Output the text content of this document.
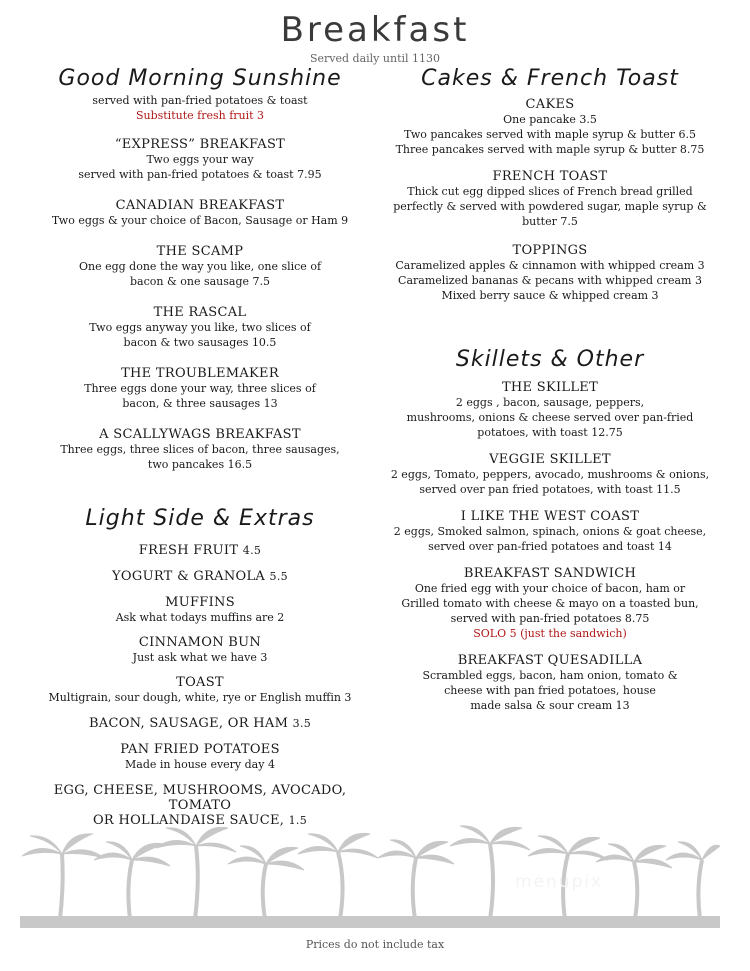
Breakfast
Served daily until 1130
Good Morning Sunshine
served with pan-fried potatoes & toast
Substitute fresh fruit 3
“EXPRESS” BREAKFAST
Two eggs your way
served with pan-fried potatoes & toast 7.95
CANADIAN BREAKFAST
Two eggs & your choice of Bacon, Sausage or Ham 9
THE SCAMP
One egg done the way you like, one slice of
bacon & one sausage 7.5
THE RASCAL
Two eggs anyway you like, two slices of
bacon & two sausages 10.5
THE TROUBLEMAKER
Three eggs done your way, three slices of
bacon, & three sausages 13
A SCALLYWAGS BREAKFAST
Three eggs, three slices of bacon, three sausages,
two pancakes 16.5
Light Side & Extras
FRESH FRUIT 4.5
YOGURT & GRANOLA 5.5
MUFFINS
Ask what todays muffins are 2
CINNAMON BUN
Just ask what we have 3
TOAST
Multigrain, sour dough, white, rye or English muffin 3
BACON, SAUSAGE, OR HAM 3.5
PAN FRIED POTATOES
Made in house every day 4
EGG, CHEESE, MUSHROOMS, AVOCADO, TOMATO
OR HOLLANDAISE SAUCE, 1.5
Cakes & French Toast
CAKES
One pancake 3.5
Two pancakes served with maple syrup & butter 6.5
Three pancakes served with maple syrup & butter 8.75
FRENCH TOAST
Thick cut egg dipped slices of French bread grilled
perfectly & served with powdered sugar, maple syrup & butter 7.5
TOPPINGS
Caramelized apples & cinnamon with whipped cream 3
Caramelized bananas & pecans with whipped cream 3
Mixed berry sauce & whipped cream 3
Skillets & Other
THE SKILLET
2 eggs , bacon, sausage, peppers,
mushrooms, onions & cheese served over pan-fried
potatoes, with toast 12.75
VEGGIE SKILLET
2 eggs, Tomato, peppers, avocado, mushrooms & onions,
served over pan fried potatoes, with toast 11.5
I LIKE THE WEST COAST
2 eggs, Smoked salmon, spinach, onions & goat cheese,
served over pan-fried potatoes and toast 14
BREAKFAST SANDWICH
One fried egg with your choice of bacon, ham or
Grilled tomato with cheese & mayo on a toasted bun,
served with pan-fried potatoes 8.75
SOLO 5 (just the sandwich)
BREAKFAST QUESADILLA
Scrambled eggs, bacon, ham onion, tomato &
cheese with pan fried potatoes, house
made salsa & sour cream 13
menupix
Prices do not include tax
